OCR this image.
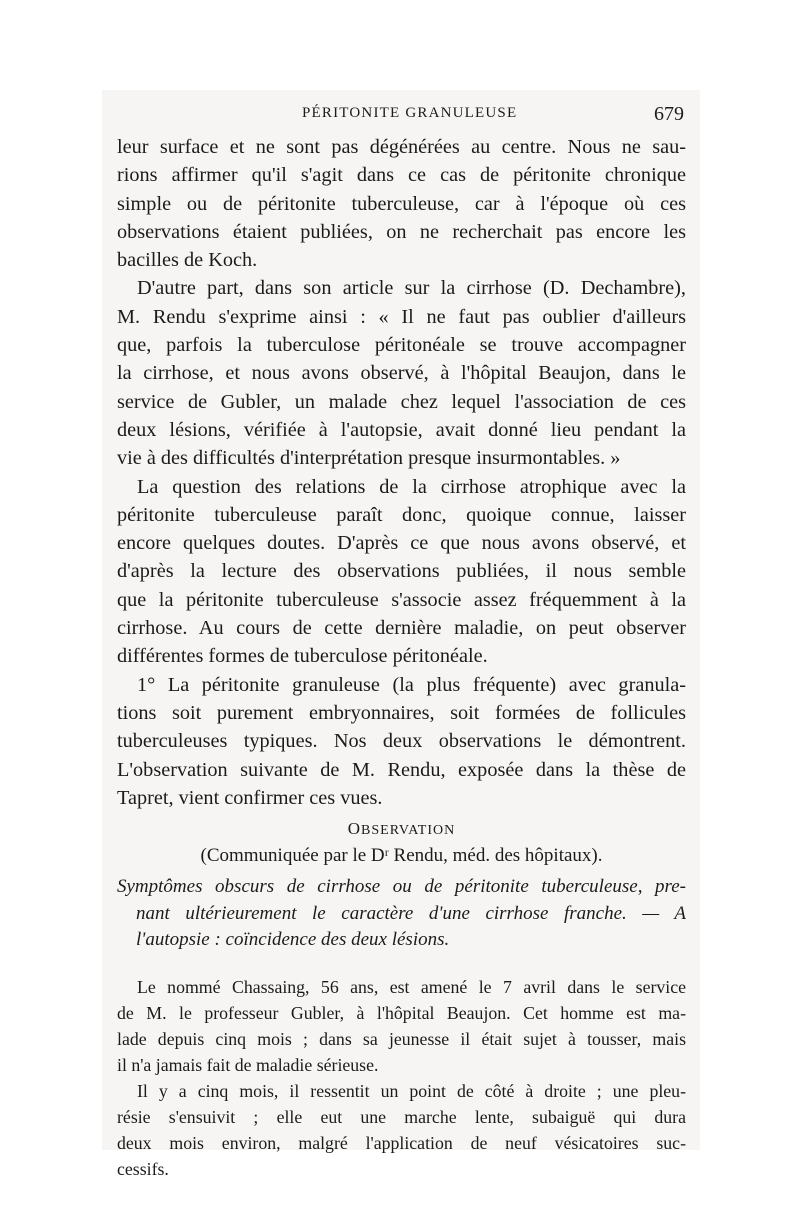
PÉRITONITE GRANULEUSE	679

leur surface et ne sont pas dégénérées au centre. Nous ne sau-

rions affirmer qu'il s'agit dans ce cas de péritonite chronique

simple ou de péritonite tuberculeuse, car à l'époque où ces

observations étaient publiées, on ne recherchait pas encore les

bacilles de Koch.

D'autre part, dans son article sur la cirrhose (D. Dechambre),

M. Rendu s'exprime ainsi : « Il ne faut pas oublier d'ailleurs

que, parfois la tuberculose péritonéale se trouve accompagner

la cirrhose, et nous avons observé, à l'hôpital Beaujon, dans le

service de Gubler, un malade chez lequel l'association de ces

deux lésions, vérifiée à l'autopsie, avait donné lieu pendant la

vie à des difficultés d'interprétation presque insurmontables. »

La question des relations de la cirrhose atrophique avec la

péritonite tuberculeuse paraît donc, quoique connue, laisser

encore quelques doutes. D'après ce que nous avons observé, et

d'après la lecture des observations publiées, il nous semble

que la péritonite tuberculeuse s'associe assez fréquemment à la

cirrhose. Au cours de cette dernière maladie, on peut observer

différentes formes de tuberculose péritonéale.

1° La péritonite granuleuse (la plus fréquente) avec granula-

tions soit purement embryonnaires, soit formées de follicules

tuberculeuses typiques. Nos deux observations le démontrent.

L'observation suivante de M. Rendu, exposée dans la thèse de

Tapret, vient confirmer ces vues.

OBSERVATION

(Communiquée par le Dʳ Rendu, méd. des hôpitaux).

Symptômes obscurs de cirrhose ou de péritonite tuberculeuse, pre-

nant ultérieurement le caractère d'une cirrhose franche. — A

l'autopsie : coïncidence des deux lésions.

Le nommé Chassaing, 56 ans, est amené le 7 avril dans le service

de M. le professeur Gubler, à l'hôpital Beaujon. Cet homme est ma-

lade depuis cinq mois ; dans sa jeunesse il était sujet à tousser, mais

il n'a jamais fait de maladie sérieuse.

Il y a cinq mois, il ressentit un point de côté à droite ; une pleu-

résie s'ensuivit ; elle eut une marche lente, subaiguë qui dura

deux mois environ, malgré l'application de neuf vésicatoires suc-

cessifs.
